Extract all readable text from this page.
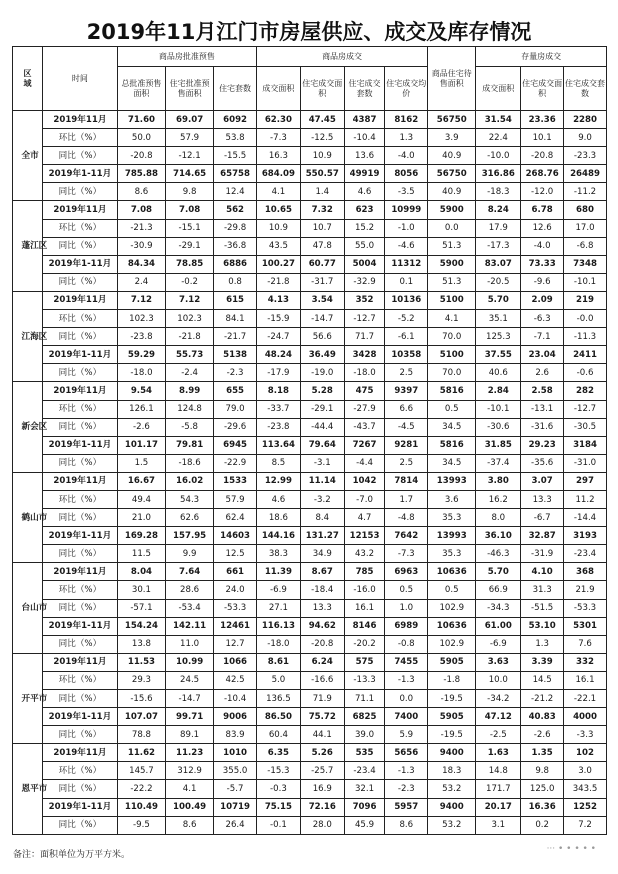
2019年11月江门市房屋供应、成交及库存情况
区域	时间	商品房批准预售			商品房成交				商品住宅待售面积	存量房成交		
		总批准预售面积	住宅批准预售面积	住宅套数	成交面积	住宅成交面积	住宅成交套数	住宅成交均价		成交面积	住宅成交面积	住宅成交套数

全市	2019年11月	71.60	69.07	6092	62.30	47.45	4387	8162	56750	31.54	23.36	2280
	环比（%）	50.0	57.9	53.8	-7.3	-12.5	-10.4	1.3	3.9	22.4	10.1	9.0
	同比（%）	-20.8	-12.1	-15.5	16.3	10.9	13.6	-4.0	40.9	-10.0	-20.8	-23.3
	2019年1-11月	785.88	714.65	65758	684.09	550.57	49919	8056	56750	316.86	268.76	26489
	同比（%）	8.6	9.8	12.4	4.1	1.4	4.6	-3.5	40.9	-18.3	-12.0	-11.2

蓬江区	2019年11月	7.08	7.08	562	10.65	7.32	623	10999	5900	8.24	6.78	680
	环比（%）	-21.3	-15.1	-29.8	10.9	10.7	15.2	-1.0	0.0	17.9	12.6	17.0
	同比（%）	-30.9	-29.1	-36.8	43.5	47.8	55.0	-4.6	51.3	-17.3	-4.0	-6.8
	2019年1-11月	84.34	78.85	6886	100.27	60.77	5004	11312	5900	83.07	73.33	7348
	同比（%）	2.4	-0.2	0.8	-21.8	-31.7	-32.9	0.1	51.3	-20.5	-9.6	-10.1

江海区	2019年11月	7.12	7.12	615	4.13	3.54	352	10136	5100	5.70	2.09	219
	环比（%）	102.3	102.3	84.1	-15.9	-14.7	-12.7	-5.2	4.1	35.1	-6.3	-0.0
	同比（%）	-23.8	-21.8	-21.7	-24.7	56.6	71.7	-6.1	70.0	125.3	-7.1	-11.3
	2019年1-11月	59.29	55.73	5138	48.24	36.49	3428	10358	5100	37.55	23.04	2411
	同比（%）	-18.0	-2.4	-2.3	-17.9	-19.0	-18.0	2.5	70.0	40.6	2.6	-0.6

新会区	2019年11月	9.54	8.99	655	8.18	5.28	475	9397	5816	2.84	2.58	282
	环比（%）	126.1	124.8	79.0	-33.7	-29.1	-27.9	6.6	0.5	-10.1	-13.1	-12.7
	同比（%）	-2.6	-5.8	-29.6	-23.8	-44.4	-43.7	-4.5	34.5	-30.6	-31.6	-30.5
	2019年1-11月	101.17	79.81	6945	113.64	79.64	7267	9281	5816	31.85	29.23	3184
	同比（%）	1.5	-18.6	-22.9	8.5	-3.1	-4.4	2.5	34.5	-37.4	-35.6	-31.0

鹤山市	2019年11月	16.67	16.02	1533	12.99	11.14	1042	7814	13993	3.80	3.07	297
	环比（%）	49.4	54.3	57.9	4.6	-3.2	-7.0	1.7	3.6	16.2	13.3	11.2
	同比（%）	21.0	62.6	62.4	18.6	8.4	4.7	-4.8	35.3	8.0	-6.7	-14.4
	2019年1-11月	169.28	157.95	14603	144.16	131.27	12153	7642	13993	36.10	32.87	3193
	同比（%）	11.5	9.9	12.5	38.3	34.9	43.2	-7.3	35.3	-46.3	-31.9	-23.4

台山市	2019年11月	8.04	7.64	661	11.39	8.67	785	6963	10636	5.70	4.10	368
	环比（%）	30.1	28.6	24.0	-6.9	-18.4	-16.0	0.5	0.5	66.9	31.3	21.9
	同比（%）	-57.1	-53.4	-53.3	27.1	13.3	16.1	1.0	102.9	-34.3	-51.5	-53.3
	2019年1-11月	154.24	142.11	12461	116.13	94.62	8146	6989	10636	61.00	53.10	5301
	同比（%）	13.8	11.0	12.7	-18.0	-20.8	-20.2	-0.8	102.9	-6.9	1.3	7.6

开平市	2019年11月	11.53	10.99	1066	8.61	6.24	575	7455	5905	3.63	3.39	332
	环比（%）	29.3	24.5	42.5	5.0	-16.6	-13.3	-1.3	-1.8	10.0	14.5	16.1
	同比（%）	-15.6	-14.7	-10.4	136.5	71.9	71.1	0.0	-19.5	-34.2	-21.2	-22.1
	2019年1-11月	107.07	99.71	9006	86.50	75.72	6825	7400	5905	47.12	40.83	4000
	同比（%）	78.8	89.1	83.9	60.4	44.1	39.0	5.9	-19.5	-2.5	-2.6	-3.3

恩平市	2019年11月	11.62	11.23	1010	6.35	5.26	535	5656	9400	1.63	1.35	102
	环比（%）	145.7	312.9	355.0	-15.3	-25.7	-23.4	-1.3	18.3	14.8	9.8	3.0
	同比（%）	-22.2	4.1	-5.7	-0.3	16.9	32.1	-2.3	53.2	171.7	125.0	343.5
	2019年1-11月	110.49	100.49	10719	75.15	72.16	7096	5957	9400	20.17	16.36	1252
	同比（%）	-9.5	8.6	26.4	-0.1	28.0	45.9	8.6	53.2	3.1	0.2	7.2
备注：面积单位为万平方米。
··· • • • • •
